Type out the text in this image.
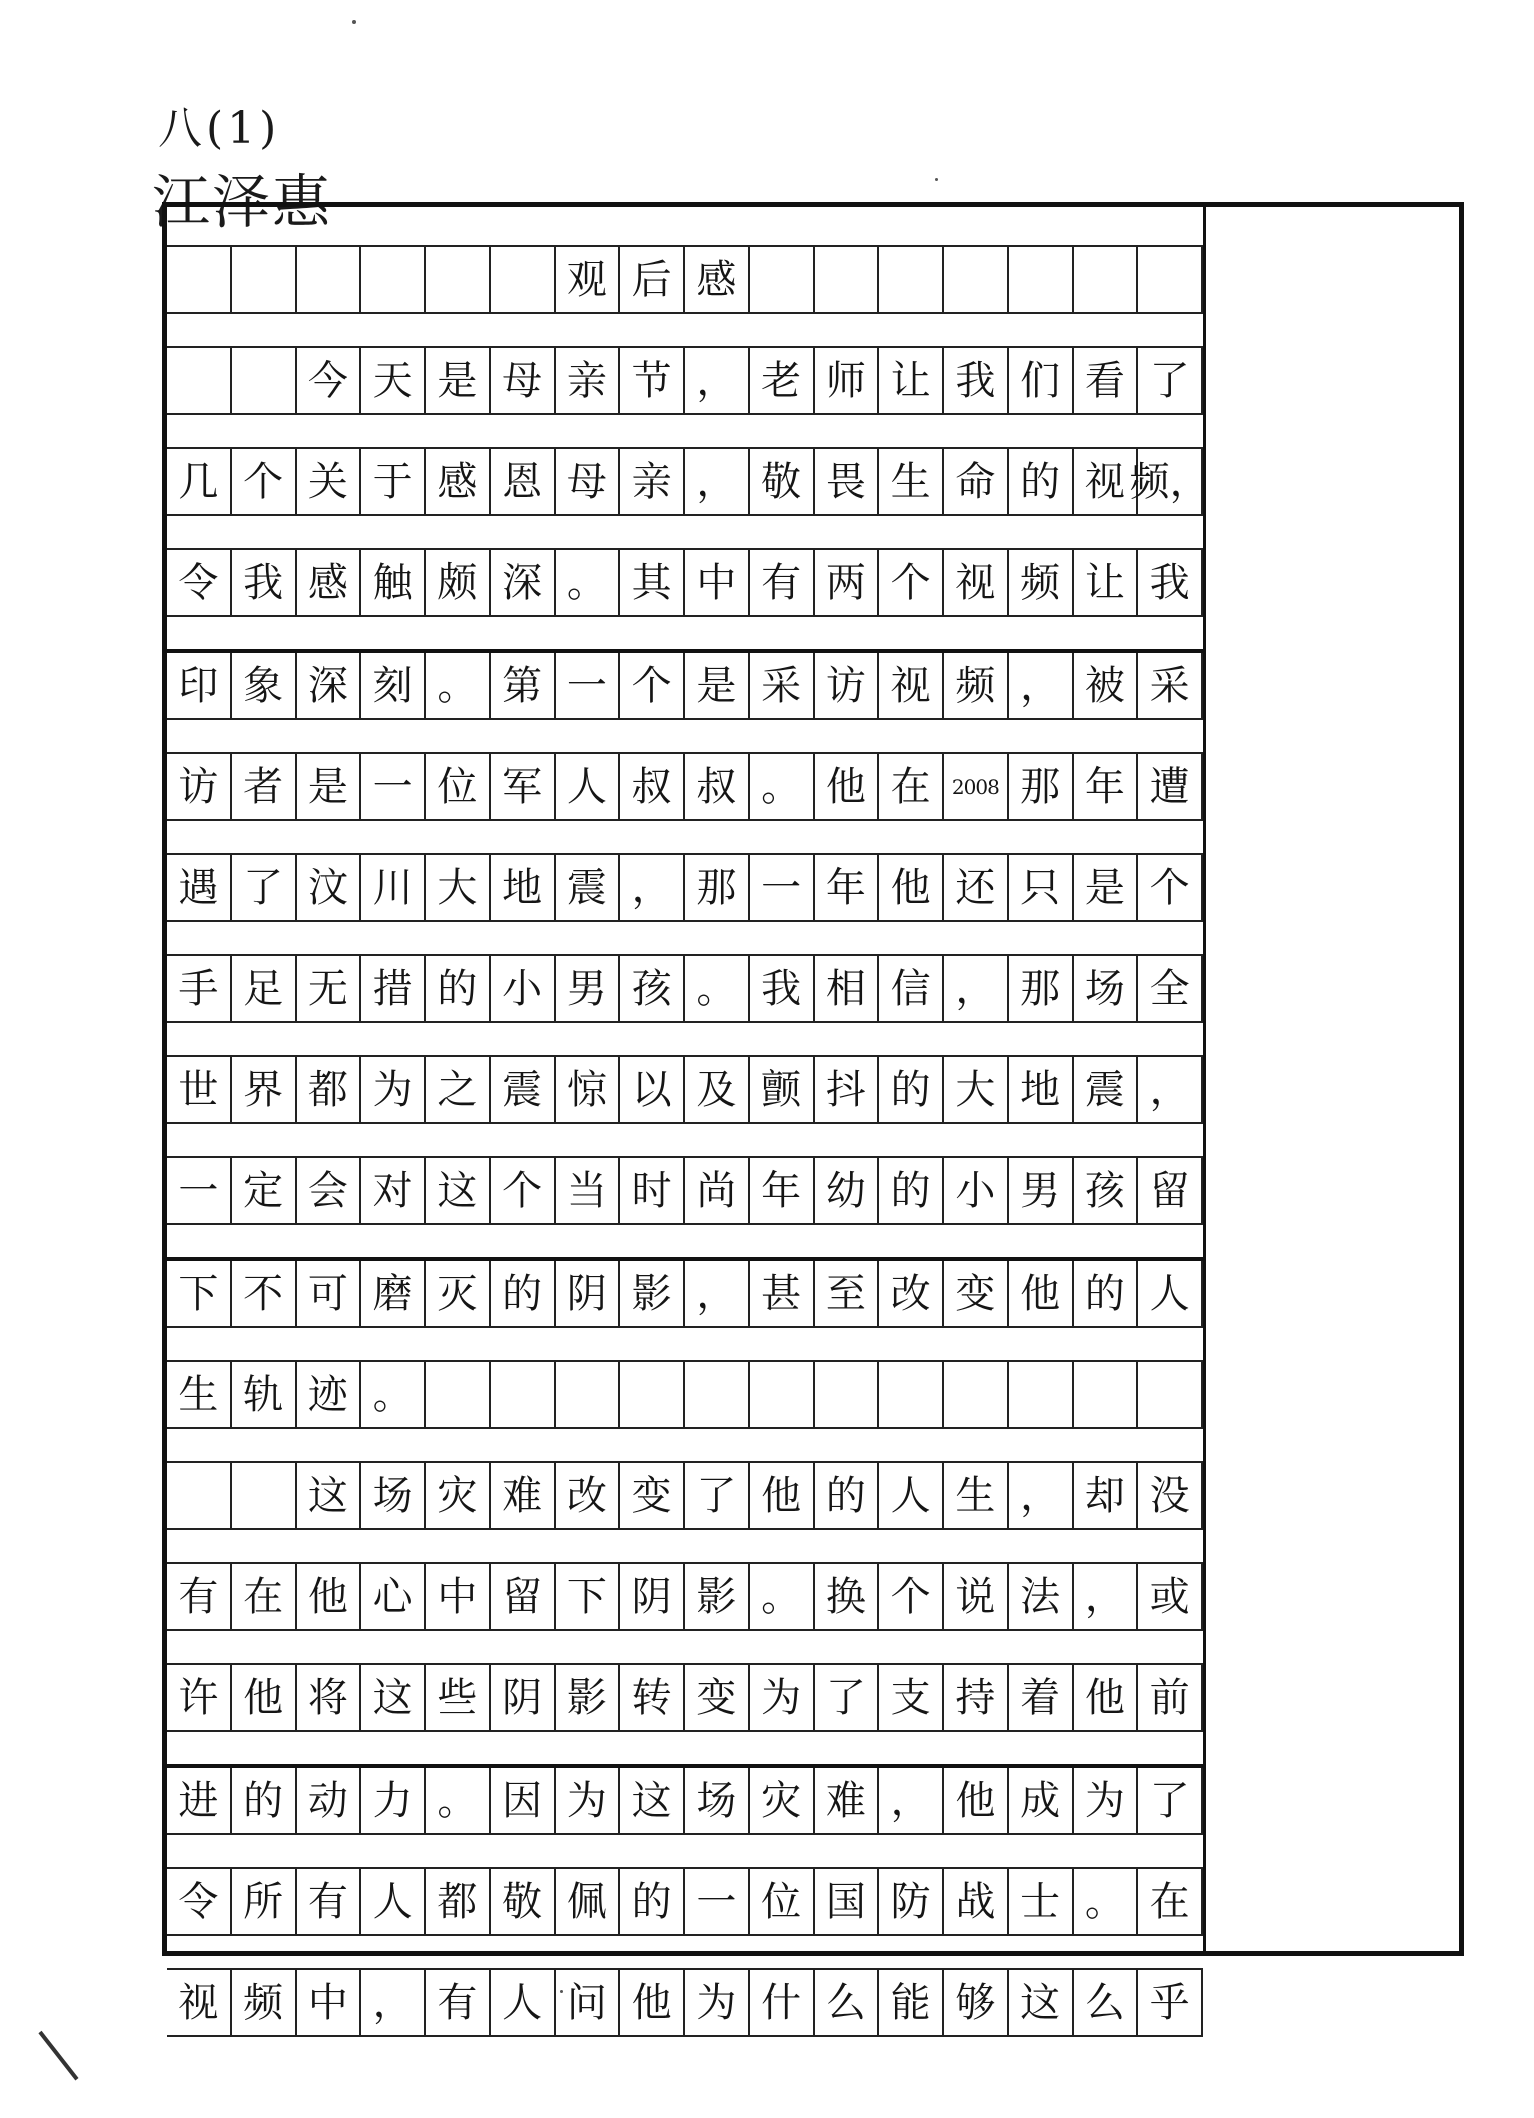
八(1)
江泽惠
观 后 感
今 天 是 母 亲 节 ， 老 师 让 我 们 看 了
几 个 关 于 感 恩 母 亲 ， 敬 畏 生 命 的 视 频，
令 我 感 触 颇 深 。 其 中 有 两 个 视 频 让 我
印 象 深 刻 。 第 一 个 是 采 访 视 频 ， 被 采
访 者 是 一 位 军 人 叔 叔 。 他 在	2008 那 年 遭
遇 了 汶 川 大 地 震 ， 那 一 年 他 还 只 是 个
手 足 无 措 的 小 男 孩 。 我 相 信 ， 那 场 全
世 界 都 为 之 震 惊 以 及 颤 抖 的 大 地 震 ，
一 定 会 对 这 个 当 时 尚 年 幼 的 小 男 孩 留
下 不 可 磨 灭 的 阴 影 ， 甚 至 改 变 他 的 人
生 轨 迹 。
这 场 灾 难 改 变 了 他 的 人 生 ， 却 没
有 在 他 心 中 留 下 阴 影 。 换 个 说 法 ， 或
许 他 将 这 些 阴 影 转 变 为 了 支 持 着 他 前
进 的 动 力 。 因 为 这 场 灾 难 ， 他 成 为 了
令 所 有 人 都 敬 佩 的 一 位 国 防 战 士 。 在
视 频 中 ， 有 人 问 他 为 什 么 能 够 这 么 乎
